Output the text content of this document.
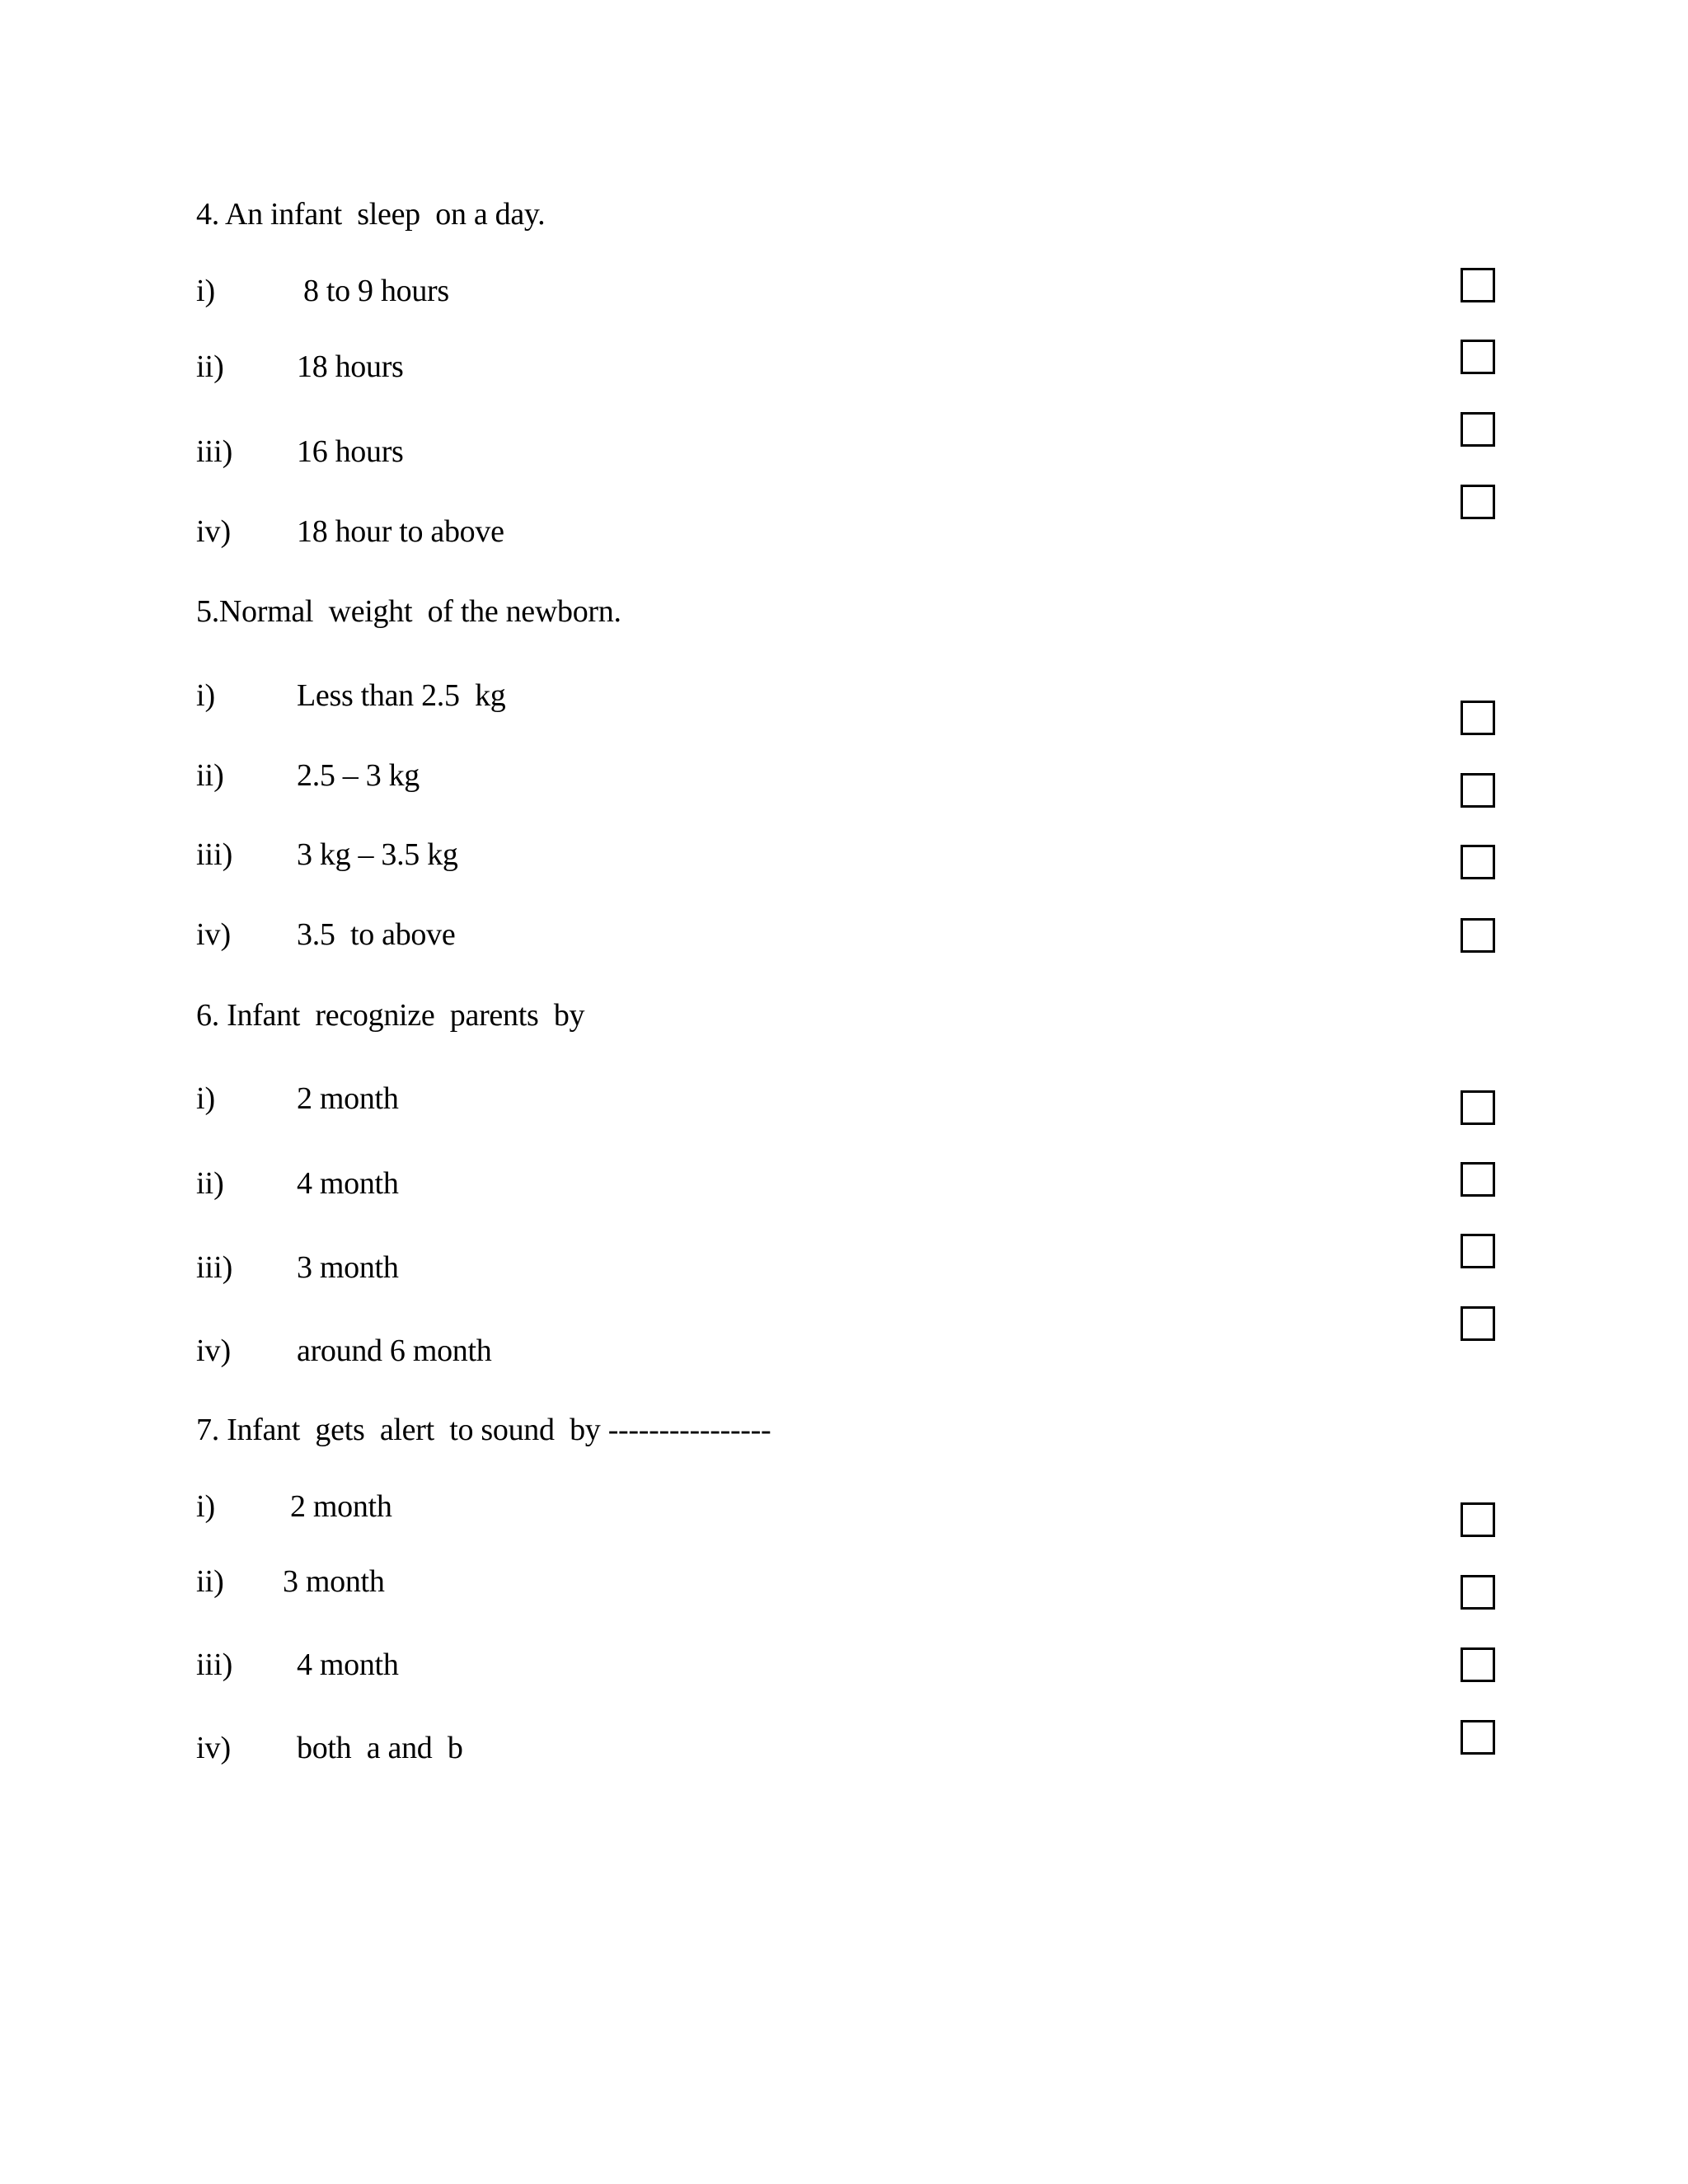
4. An infant  sleep  on a day.
i)	8 to 9 hours
ii) 18 hours
iii) 16 hours
iv) 18 hour to above
5.Normal  weight  of the newborn.
i)	Less than 2.5  kg
ii) 2.5 – 3 kg
iii) 3 kg – 3.5 kg
iv) 3.5  to above
6. Infant  recognize  parents  by
i)	2 month
ii) 4 month
iii) 3 month
iv) around 6 month
7. Infant  gets  alert  to sound  by ----------------
i) 2 month
ii) 3 month
iii) 4 month
iv) both  a and  b
